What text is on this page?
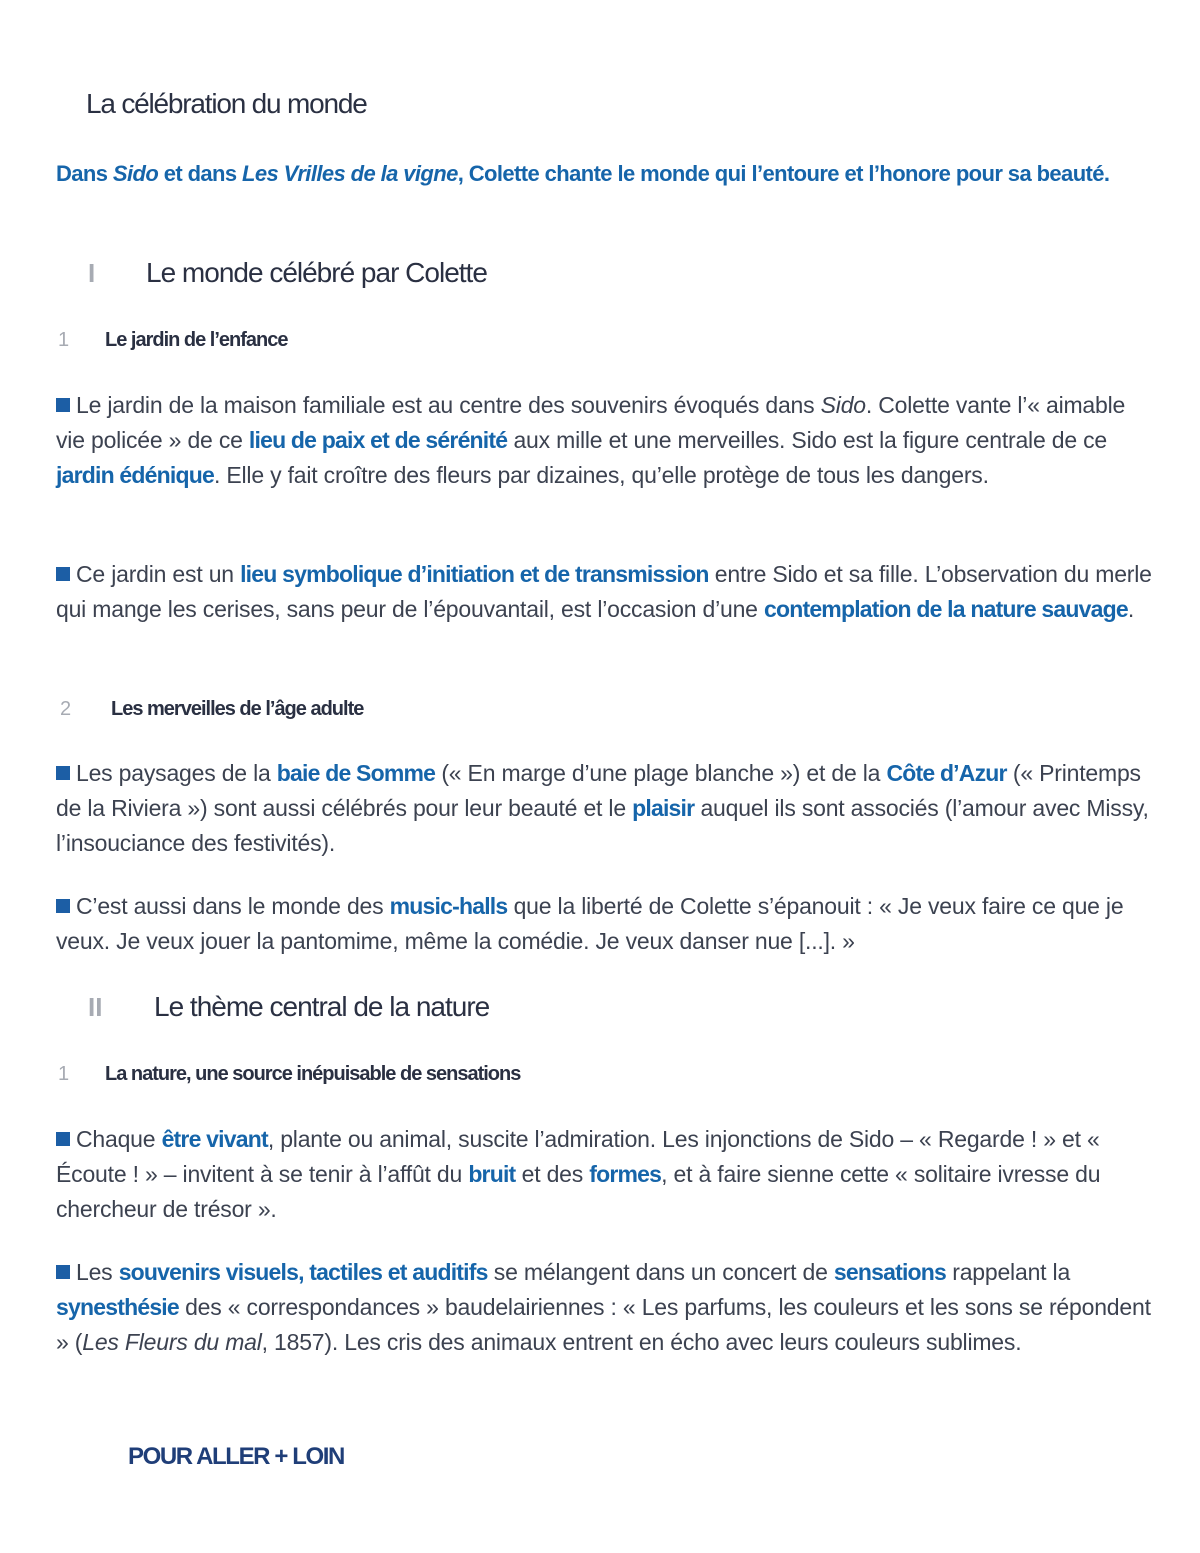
La célébration du monde

Dans Sido et dans Les Vrilles de la vigne, Colette chante le monde qui l’entoure et l’honore pour sa beauté.

I	Le monde célébré par Colette
1	Le jardin de l’enfance

Le jardin de la maison familiale est au centre des souvenirs évoqués dans Sido. Colette vante l’« aimable vie policée » de ce lieu de paix et de sérénité aux mille et une merveilles. Sido est la figure centrale de ce jardin édénique. Elle y fait croître des fleurs par dizaines, qu’elle protège de tous les dangers.

Ce jardin est un lieu symbolique d’initiation et de transmission entre Sido et sa fille. L’observation du merle qui mange les cerises, sans peur de l’épouvantail, est l’occasion d’une contemplation de la nature sauvage.

2	Les merveilles de l’âge adulte

Les paysages de la baie de Somme (« En marge d’une plage blanche ») et de la Côte d’Azur (« Printemps de la Riviera ») sont aussi célébrés pour leur beauté et le plaisir auquel ils sont associés (l’amour avec Missy, l’insouciance des festivités).

C’est aussi dans le monde des music-halls que la liberté de Colette s’épanouit : « Je veux faire ce que je veux. Je veux jouer la pantomime, même la comédie. Je veux danser nue [...]. »

II	Le thème central de la nature
1	La nature, une source inépuisable de sensations

Chaque être vivant, plante ou animal, suscite l’admiration. Les injonctions de Sido – « Regarde ! » et « Écoute ! » – invitent à se tenir à l’affût du bruit et des formes, et à faire sienne cette « solitaire ivresse du chercheur de trésor ».

Les souvenirs visuels, tactiles et auditifs se mélangent dans un concert de sensations rappelant la synesthésie des « correspondances » baudelairiennes : « Les parfums, les couleurs et les sons se répondent » (Les Fleurs du mal, 1857). Les cris des animaux entrent en écho avec leurs couleurs sublimes.

POUR ALLER + LOIN
